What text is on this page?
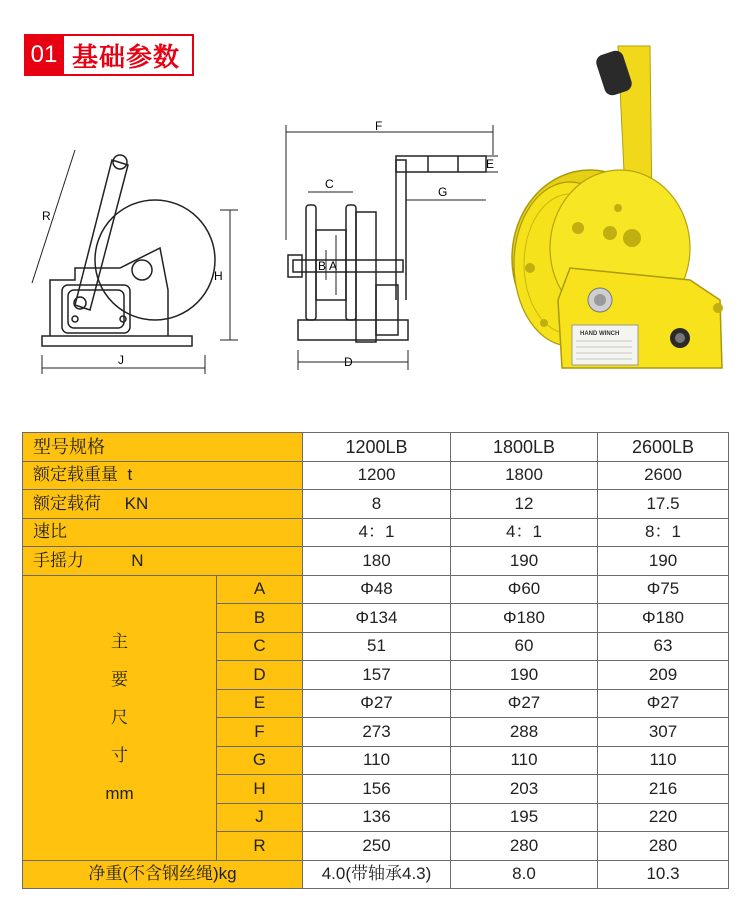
01 基础参数
R
H
J
F
E
C
G
B A
D
HAND WINCH
型号规格		1200LB	1800LB	2600LB
额定载重量  t		1200	1800	2600
额定载荷     KN		8	12	17.5
速比		4：1	4：1	8：1
手摇力          N		180	190	190

主
要
尺
寸
mm	A	Φ48	Φ60	Φ75
	B	Φ134	Φ180	Φ180
	C	51	60	63
	D	157	190	209
	E	Φ27	Φ27	Φ27
	F	273	288	307
	G	110	110	110
	H	156	203	216
	J	136	195	220
	R	250	280	280
净重(不含钢丝绳)kg		4.0(带轴承4.3)	8.0	10.3
